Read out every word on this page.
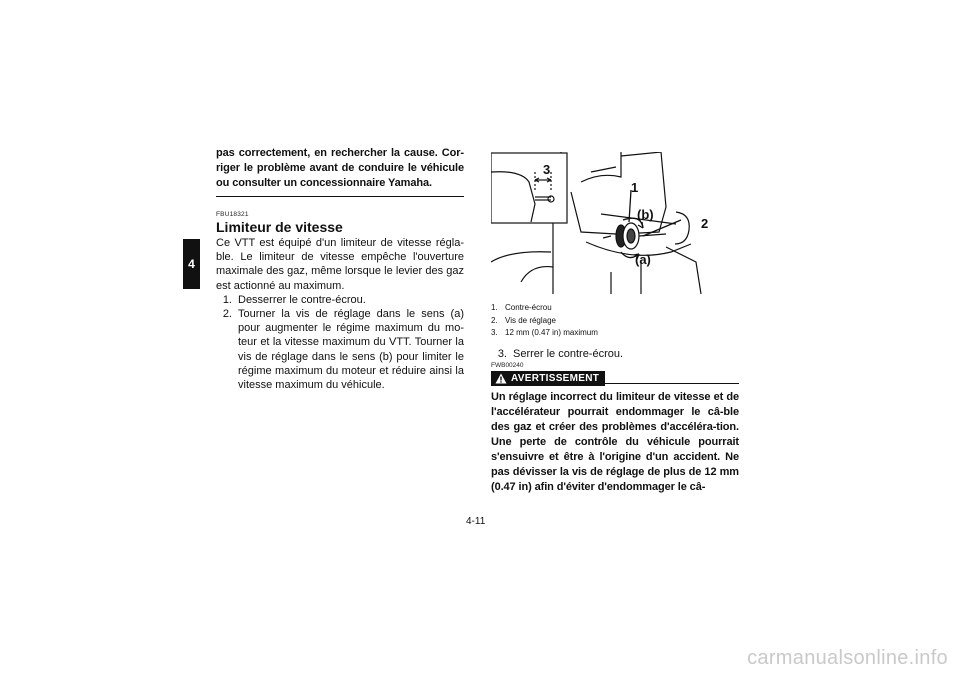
4

pas correctement, en rechercher la cause. Cor-riger le problème avant de conduire le véhicule ou consulter un concessionnaire Yamaha.

FBU18321
Limiteur de vitesse

Ce VTT est équipé d'un limiteur de vitesse régla-ble. Le limiteur de vitesse empêche l'ouverture maximale des gaz, même lorsque le levier des gaz est actionné au maximum.

1. Desserrer le contre-écrou.
2. Tourner la vis de réglage dans le sens (a) pour augmenter le régime maximum du mo-teur et la vitesse maximum du VTT. Tourner la vis de réglage dans le sens (b) pour limiter le régime maximum du moteur et réduire ainsi la vitesse maximum du véhicule.
3
1
(b)
2
(a)
1. Contre-écrou
2. Vis de réglage
3. 12 mm (0.47 in) maximum
3. Serrer le contre-écrou.
FWB00240
AVERTISSEMENT

Un réglage incorrect du limiteur de vitesse et de l'accélérateur pourrait endommager le câ-ble des gaz et créer des problèmes d'accéléra-tion. Une perte de contrôle du véhicule pourrait s'ensuivre et être à l'origine d'un accident. Ne pas dévisser la vis de réglage de plus de 12 mm (0.47 in) afin d'éviter d'endommager le câ-

4-11
carmanualsonline.info
